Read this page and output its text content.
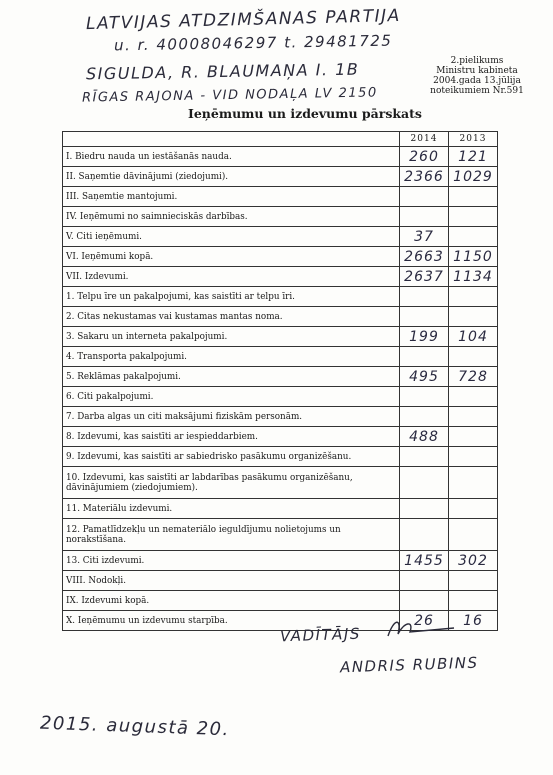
LATVIJAS ATDZIMŠANAS PARTIJA
u. r. 40008046297 t. 29481725
SIGULDA, R. BLAUMAŅA I. 1B
RĪGAS RAJONA - VID NODAĻA LV 2150
2.pielikums
Ministru kabineta
2004.gada 13.jūlija
noteikumiem Nr.591
Ieņēmumu un izdevumu pārskats
	2014	2013
I. Biedru nauda un iestāšanās nauda.	260	121
II. Saņemtie dāvinājumi (ziedojumi).	2366	1029
III. Saņemtie mantojumi.		
IV. Ieņēmumi no saimnieciskās darbības.		
V. Citi ieņēmumi.	37	
VI. Ieņēmumi kopā.	2663	1150
VII. Izdevumi.	2637	1134
1. Telpu īre un pakalpojumi, kas saistīti ar telpu īri.		
2. Citas nekustamas vai kustamas mantas noma.		
3. Sakaru un interneta pakalpojumi.	199	104
4. Transporta pakalpojumi.		
5. Reklāmas pakalpojumi.	495	728
6. Citi pakalpojumi.		
7. Darba algas un citi maksājumi fiziskām personām.		
8. Izdevumi, kas saistīti ar iespieddarbiem.	488	
9. Izdevumi, kas saistīti ar sabiedrisko pasākumu organizēšanu.		
10. Izdevumi, kas saistīti ar labdarības pasākumu organizēšanu, dāvinājumiem (ziedojumiem).		
11. Materiālu izdevumi.		
12. Pamatlīdzekļu un nemateriālo ieguldījumu nolietojums un norakstīšana.		
13. Citi izdevumi.	1455	302
VIII. Nodokļi.		
IX. Izdevumi kopā.		
X. Ieņēmumu un izdevumu starpība.	26	16
VADĪTĀJS
ANDRIS RUBINS
2015. augustā 20.
